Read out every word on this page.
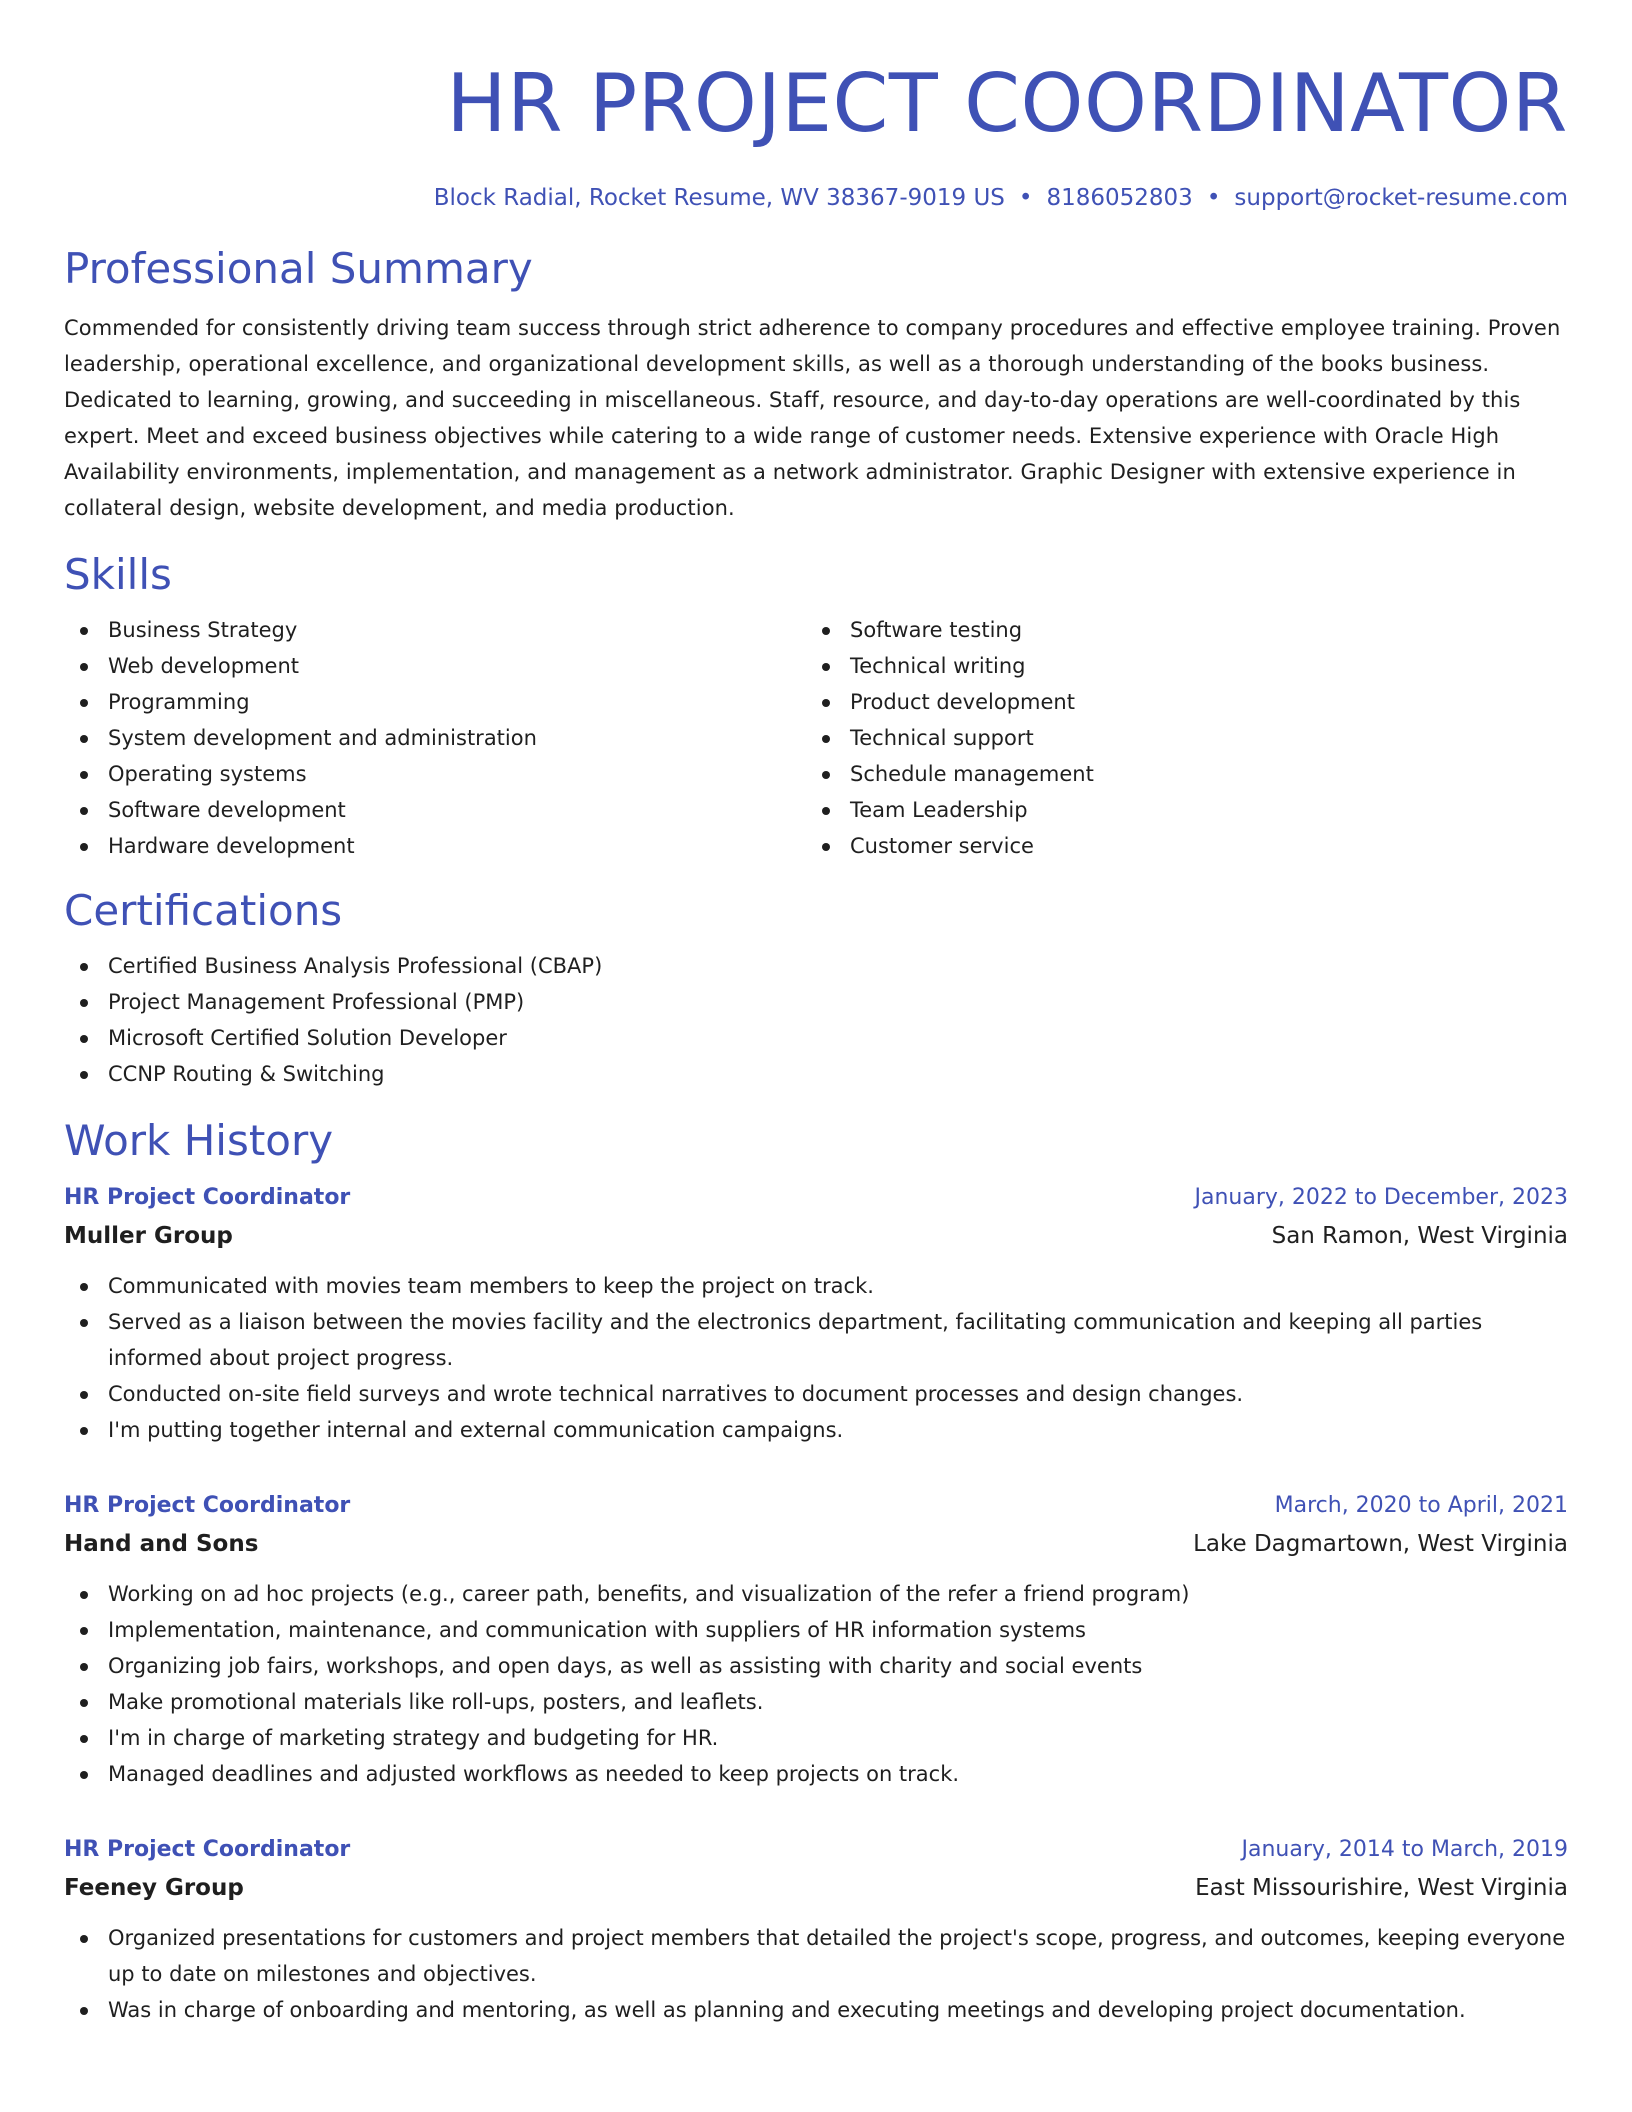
HR PROJECT COORDINATOR
Block Radial, Rocket Resume, WV 38367-9019 US • 8186052803 • support@rocket-resume.com
Professional Summary

Commended for consistently driving team success through strict adherence to company procedures and effective employee training. Proven leadership, operational excellence, and organizational development skills, as well as a thorough understanding of the books business. Dedicated to learning, growing, and succeeding in miscellaneous. Staff, resource, and day-to-day operations are well-coordinated by this expert. Meet and exceed business objectives while catering to a wide range of customer needs. Extensive experience with Oracle High Availability environments, implementation, and management as a network administrator. Graphic Designer with extensive experience in collateral design, website development, and media production.

Skills
Business Strategy
Web development
Programming
System development and administration
Operating systems
Software development
Hardware development
Software testing
Technical writing
Product development
Technical support
Schedule management
Team Leadership
Customer service
Certifications
Certified Business Analysis Professional (CBAP)
Project Management Professional (PMP)
Microsoft Certified Solution Developer
CCNP Routing & Switching
Work History
HR Project Coordinator	January, 2022 to December, 2023
Muller Group	San Ramon, West Virginia
Communicated with movies team members to keep the project on track.
Served as a liaison between the movies facility and the electronics department, facilitating communication and keeping all parties informed about project progress.
Conducted on-site field surveys and wrote technical narratives to document processes and design changes.
I'm putting together internal and external communication campaigns.
HR Project Coordinator	March, 2020 to April, 2021
Hand and Sons	Lake Dagmartown, West Virginia
Working on ad hoc projects (e.g., career path, benefits, and visualization of the refer a friend program)
Implementation, maintenance, and communication with suppliers of HR information systems
Organizing job fairs, workshops, and open days, as well as assisting with charity and social events
Make promotional materials like roll-ups, posters, and leaflets.
I'm in charge of marketing strategy and budgeting for HR.
Managed deadlines and adjusted workflows as needed to keep projects on track.
HR Project Coordinator	January, 2014 to March, 2019
Feeney Group	East Missourishire, West Virginia
Organized presentations for customers and project members that detailed the project's scope, progress, and outcomes, keeping everyone up to date on milestones and objectives.
Was in charge of onboarding and mentoring, as well as planning and executing meetings and developing project documentation.
